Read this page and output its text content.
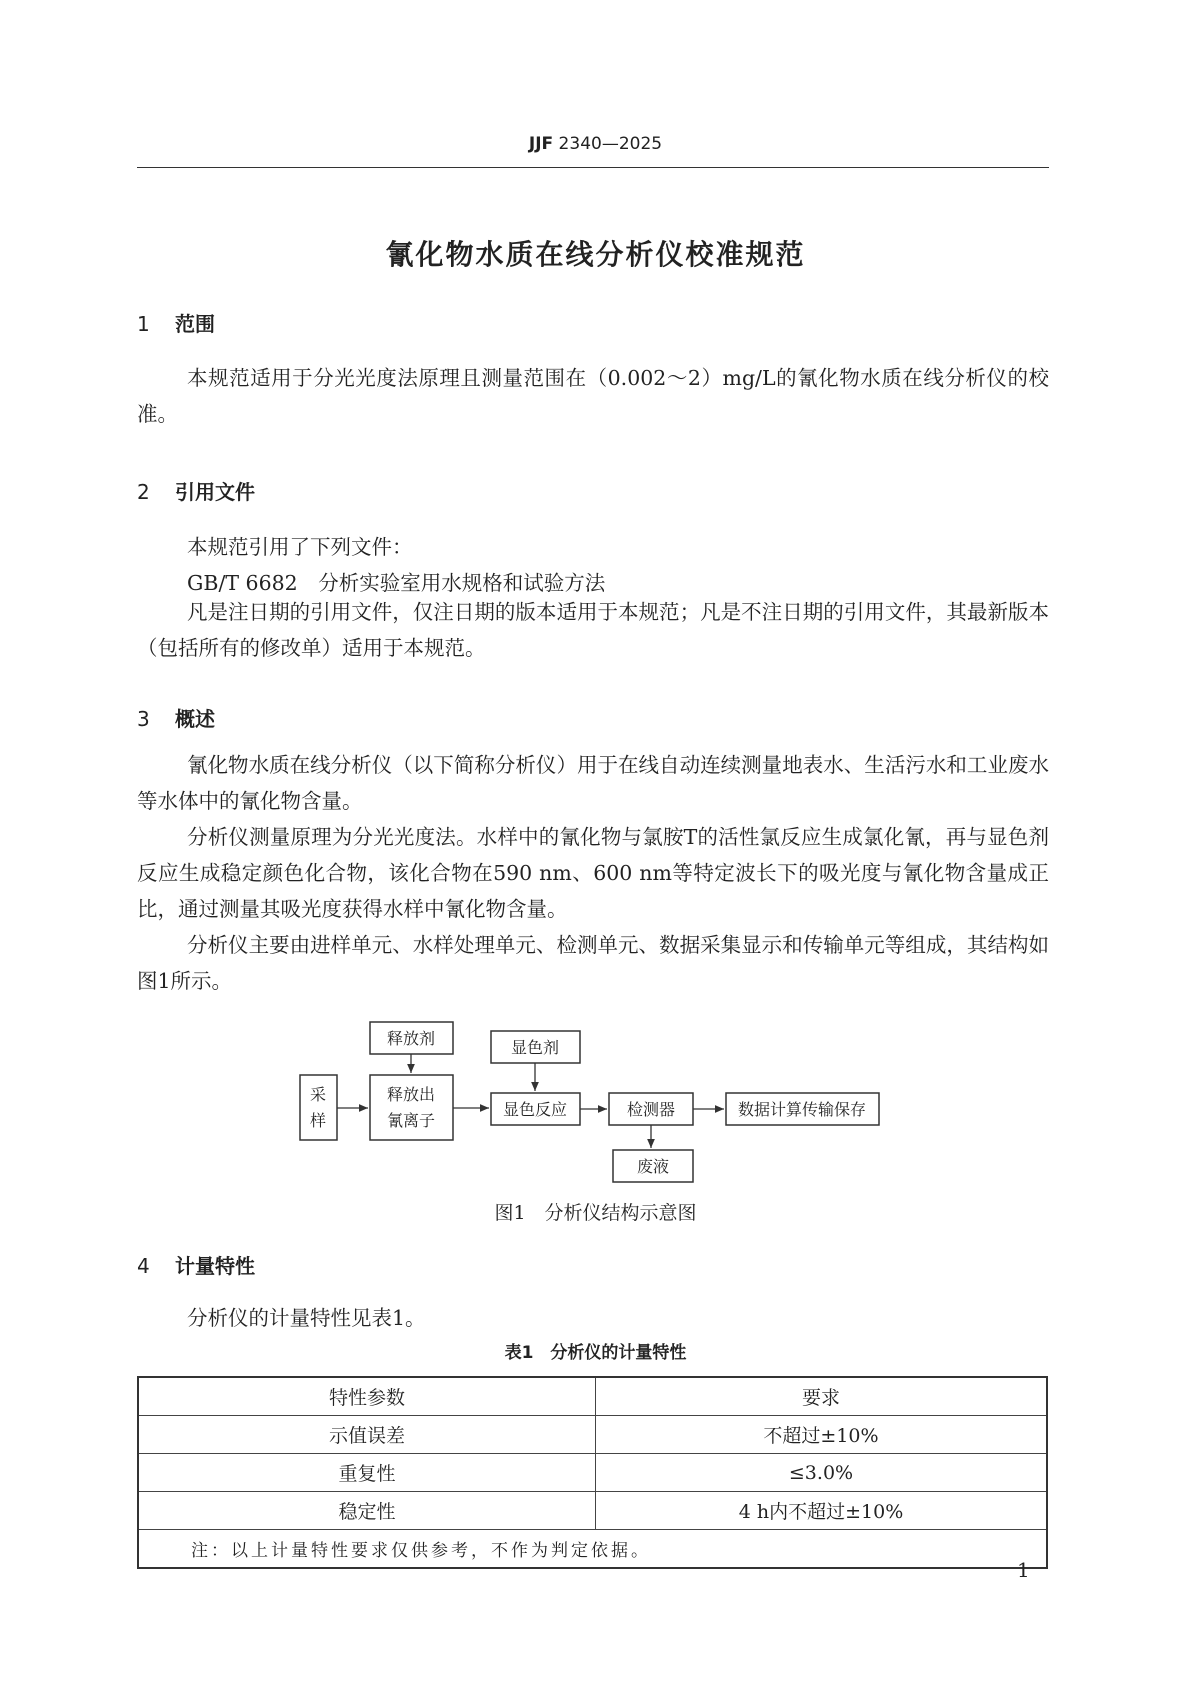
JJF 2340—2025
氰化物水质在线分析仪校准规范
1 范围
本规范适用于分光光度法原理且测量范围在（0.002～2）mg/L的氰化物水质在线分析仪的校准。
2 引用文件
本规范引用了下列文件：
GB/T 6682　分析实验室用水规格和试验方法
凡是注日期的引用文件，仅注日期的版本适用于本规范；凡是不注日期的引用文件，其最新版本（包括所有的修改单）适用于本规范。
3 概述
氰化物水质在线分析仪（以下简称分析仪）用于在线自动连续测量地表水、生活污水和工业废水等水体中的氰化物含量。
分析仪测量原理为分光光度法。水样中的氰化物与氯胺T的活性氯反应生成氯化氰，再与显色剂反应生成稳定颜色化合物，该化合物在590 nm、600 nm等特定波长下的吸光度与氰化物含量成正比，通过测量其吸光度获得水样中氰化物含量。
分析仪主要由进样单元、水样处理单元、检测单元、数据采集显示和传输单元等组成，其结构如图1所示。
采
样
释放剂
释放出
氰离子
显色剂
显色反应	检测器
废液
数据计算传输保存
图1　分析仪结构示意图
4 计量特性
分析仪的计量特性见表1。
表1　分析仪的计量特性
特性参数	要求
示值误差	不超过±10%
重复性	≤3.0%
稳定性	4 h内不超过±10%
注：以上计量特性要求仅供参考，不作为判定依据。	
1
